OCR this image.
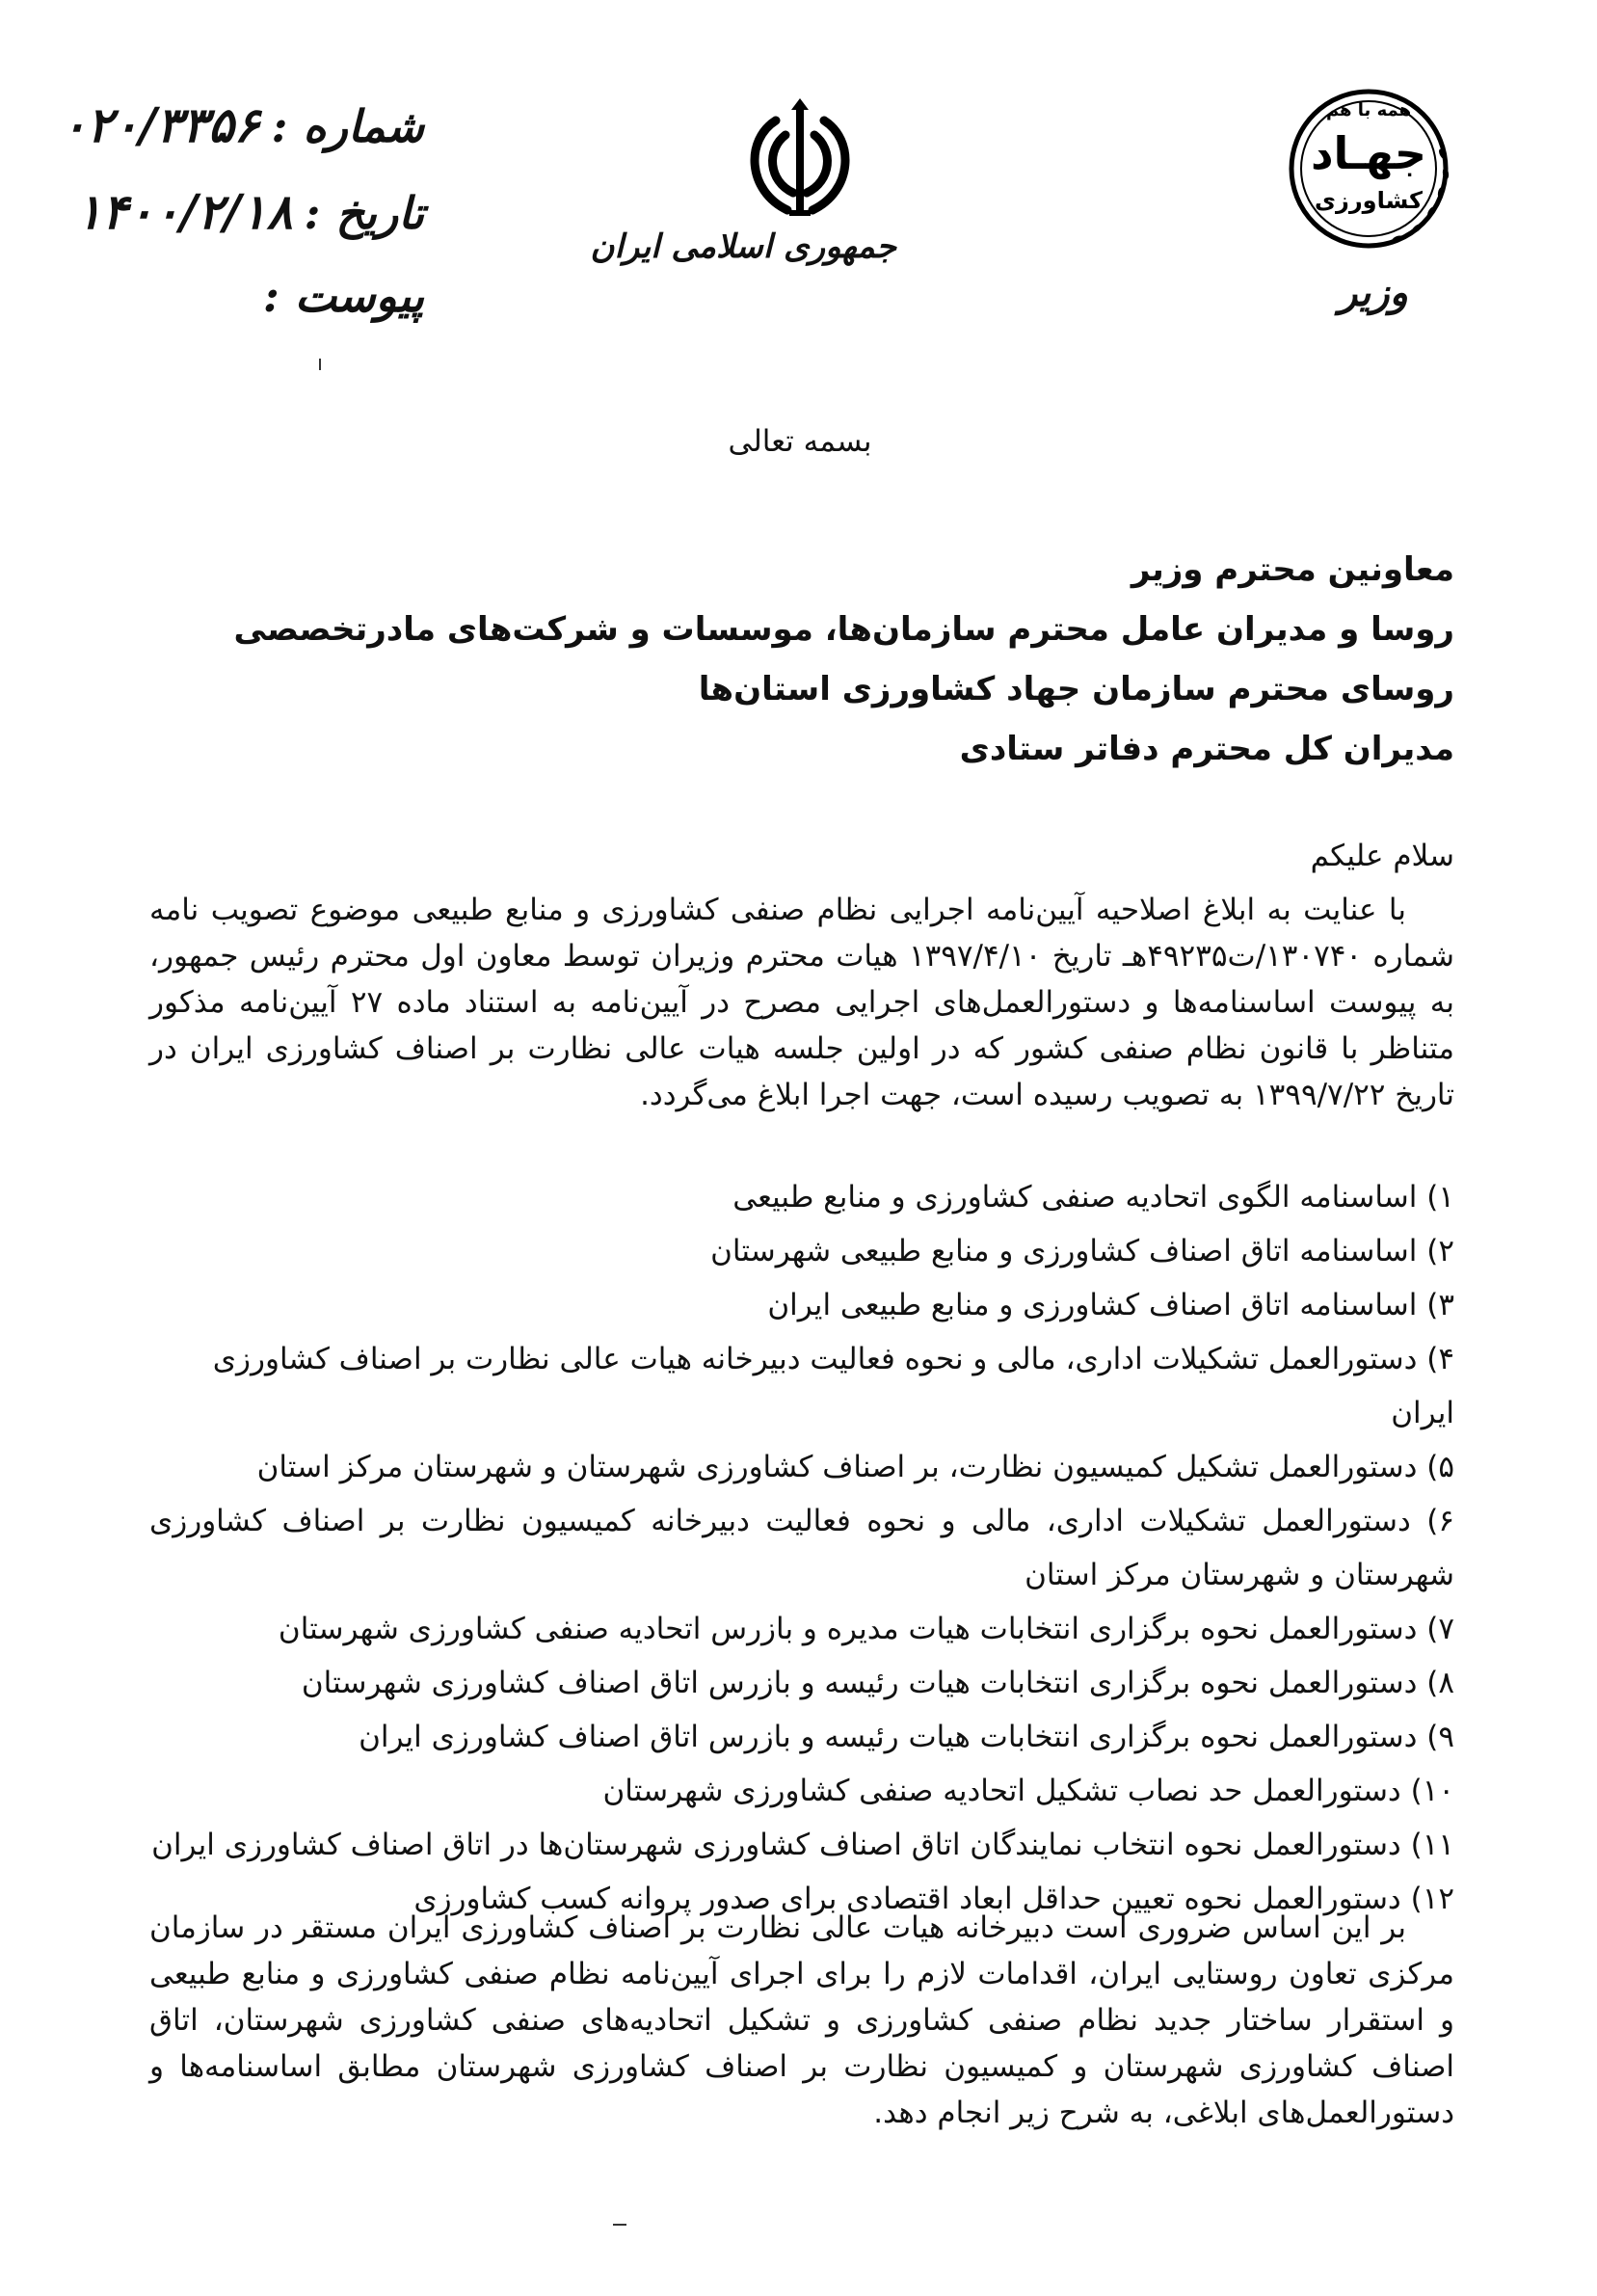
شماره :
۰۲۰/۳۳۵۶
تاریخ :
۱۴۰۰/۲/۱۸
پیوست :
جمهوری اسلامی ایران
همه با هم
جهـاد
کشاورزی
وزیر
بسمه تعالی
معاونین محترم وزیر
روسا و مدیران عامل محترم سازمان‌ها، موسسات و شرکت‌های مادرتخصصی
روسای محترم سازمان جهاد کشاورزی استان‌ها
مدیران کل محترم دفاتر ستادی
سلام علیکم
با عنایت به ابلاغ اصلاحیه آیین‌نامه اجرایی نظام صنفی کشاورزی و منابع طبیعی موضوع تصویب نامه شماره ۱۳۰۷۴۰/ت۴۹۲۳۵هـ تاریخ ۱۳۹۷/۴/۱۰ هیات محترم وزیران توسط معاون اول محترم رئیس جمهور، به پیوست اساسنامه‌ها و دستورالعمل‌های اجرایی مصرح در آیین‌نامه به استناد ماده ۲۷ آیین‌نامه مذکور متناظر با قانون نظام صنفی کشور که در اولین جلسه هیات عالی نظارت بر اصناف کشاورزی ایران در تاریخ ۱۳۹۹/۷/۲۲ به تصویب رسیده است، جهت اجرا ابلاغ می‌گردد.
۱) اساسنامه الگوی اتحادیه صنفی کشاورزی و منابع طبیعی
۲) اساسنامه اتاق اصناف کشاورزی و منابع طبیعی شهرستان
۳) اساسنامه اتاق اصناف کشاورزی و منابع طبیعی ایران
۴) دستورالعمل تشکیلات اداری، مالی و نحوه فعالیت دبیرخانه هیات عالی نظارت بر اصناف کشاورزی ایران
۵) دستورالعمل تشکیل کمیسیون نظارت، بر اصناف کشاورزی شهرستان و شهرستان مرکز استان
۶) دستورالعمل تشکیلات اداری، مالی و نحوه فعالیت دبیرخانه کمیسیون نظارت بر اصناف کشاورزی شهرستان و شهرستان مرکز استان
۷) دستورالعمل نحوه برگزاری انتخابات هیات مدیره و بازرس اتحادیه صنفی کشاورزی شهرستان
۸) دستورالعمل نحوه برگزاری انتخابات هیات رئیسه و بازرس اتاق اصناف کشاورزی شهرستان
۹) دستورالعمل نحوه برگزاری انتخابات هیات رئیسه و بازرس اتاق اصناف کشاورزی ایران
۱۰) دستورالعمل حد نصاب تشکیل اتحادیه صنفی کشاورزی شهرستان
۱۱) دستورالعمل نحوه انتخاب نمایندگان اتاق اصناف کشاورزی شهرستان‌ها در اتاق اصناف کشاورزی ایران
۱۲) دستورالعمل نحوه تعیین حداقل ابعاد اقتصادی برای صدور پروانه کسب کشاورزی
بر این اساس ضروری است دبیرخانه هیات عالی نظارت بر اصناف کشاورزی ایران مستقر در سازمان مرکزی تعاون روستایی ایران، اقدامات لازم را برای اجرای آیین‌نامه نظام صنفی کشاورزی و منابع طبیعی و استقرار ساختار جدید نظام صنفی کشاورزی و تشکیل اتحادیه‌های صنفی کشاورزی شهرستان، اتاق اصناف کشاورزی شهرستان و کمیسیون نظارت بر اصناف کشاورزی شهرستان مطابق اساسنامه‌ها و دستورالعمل‌های ابلاغی، به شرح زیر انجام دهد.
